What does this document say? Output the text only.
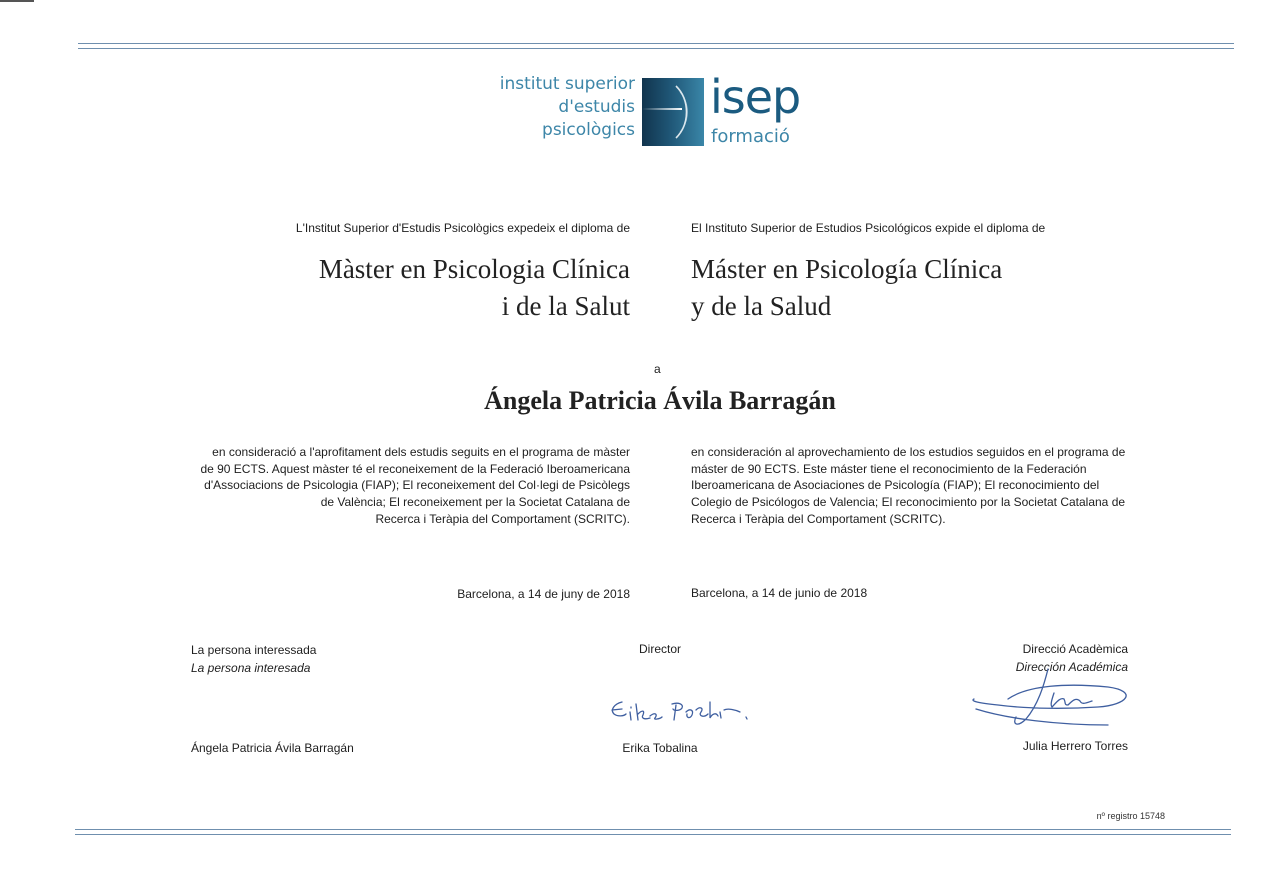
institut superior
d'estudis
psicològics
isep
formació
L'Institut Superior d'Estudis Psicològics expedeix el diploma de	El Instituto Superior de Estudios Psicológicos expide el diploma de
Màster en Psicologia Clínica
i de la Salut
Máster en Psicología Clínica
y de la Salud
a
Ángela Patricia Ávila Barragán
en consideració a l'aprofitament dels estudis seguits en el programa de màster
de 90 ECTS. Aquest màster té el reconeixement de la Federació Iberoamericana
d'Associacions de Psicologia (FIAP); El reconeixement del Col·legi de Psicòlegs
de València; El reconeixement per la Societat Catalana de
Recerca i Teràpia del Comportament (SCRITC).
en consideración al aprovechamiento de los estudios seguidos en el programa de
máster de 90 ECTS. Este máster tiene el reconocimiento de la Federación
Iberoamericana de Asociaciones de Psicología (FIAP); El reconocimiento del
Colegio de Psicólogos de Valencia; El reconocimiento por la Societat Catalana de
Recerca i Teràpia del Comportament (SCRITC).
Barcelona, a 14 de juny de 2018	Barcelona, a 14 de junio de 2018
La persona interessada
La persona interesada
Ángela Patricia Ávila Barragán
Director
Erika Tobalina
Direcció Acadèmica
Dirección Académica
Julia Herrero Torres
nº registro 15748
